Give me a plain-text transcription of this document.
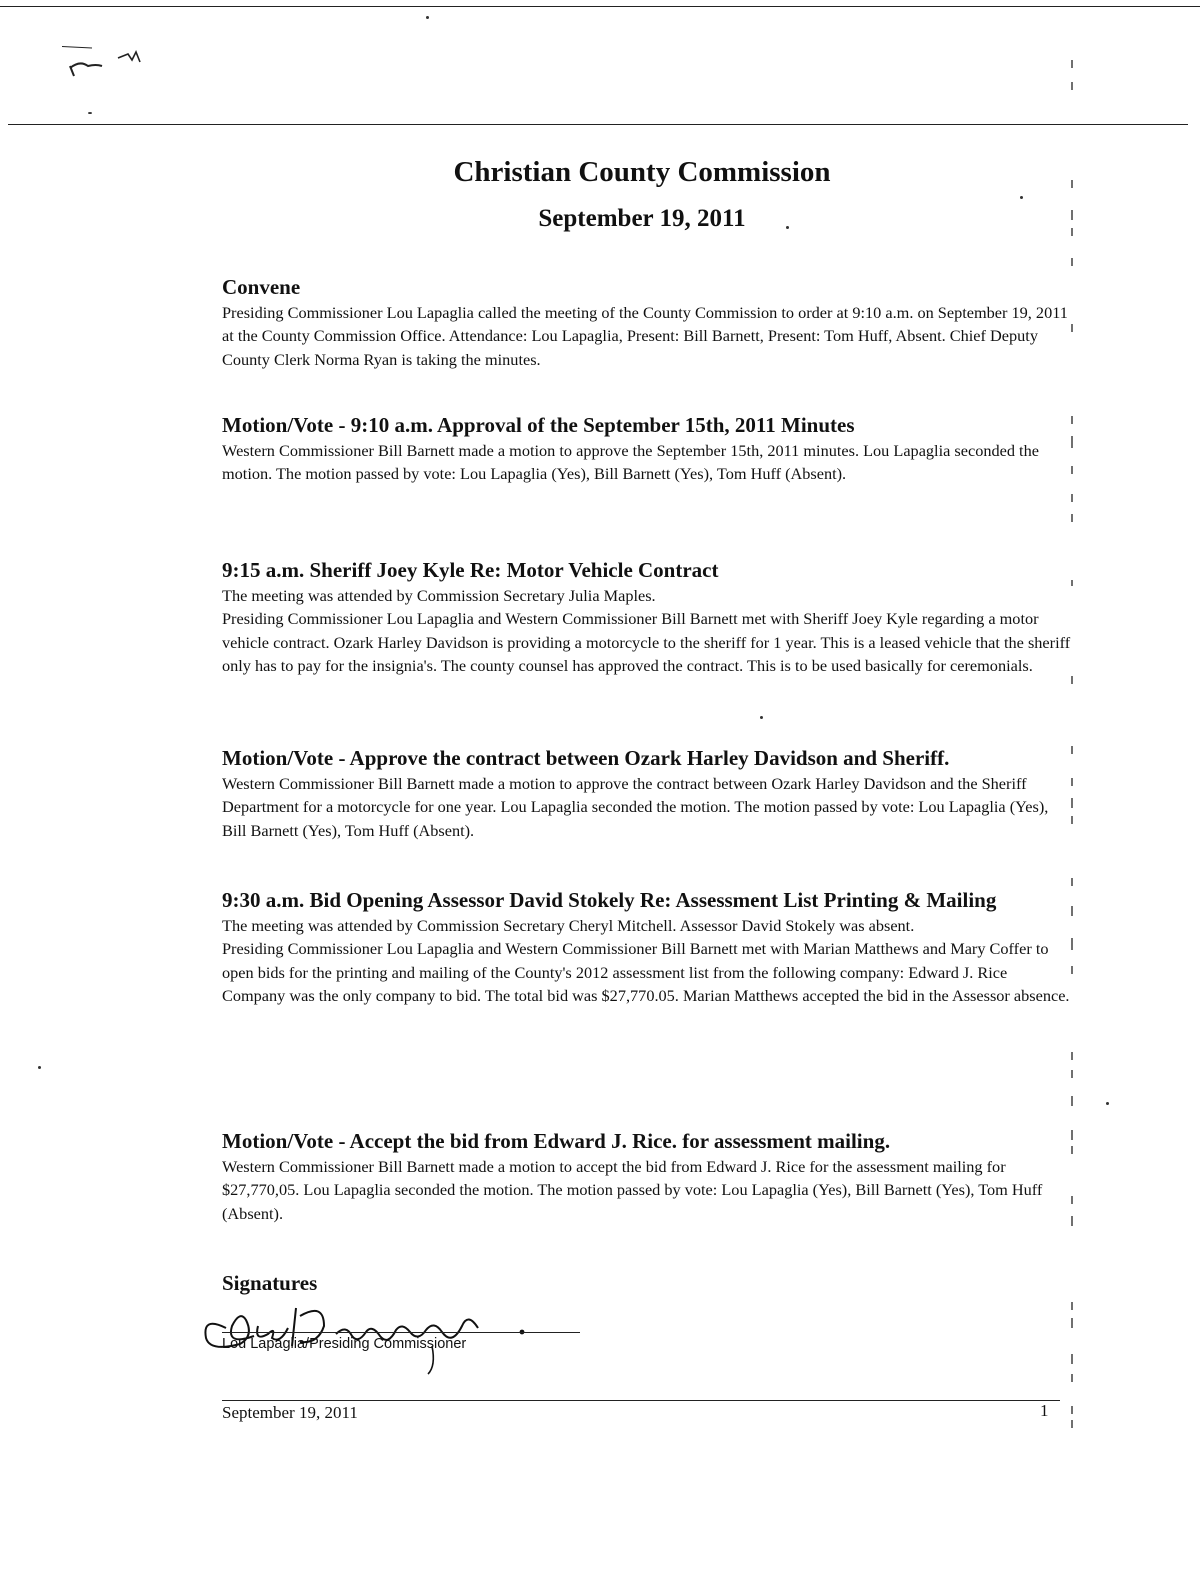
Christian County Commission
September 19, 2011
Convene

Presiding Commissioner Lou Lapaglia called the meeting of the County Commission to order at 9:10 a.m. on September 19, 2011 at the County Commission Office. Attendance: Lou Lapaglia, Present: Bill Barnett, Present: Tom Huff, Absent. Chief Deputy County Clerk Norma Ryan is taking the minutes.

Motion/Vote - 9:10 a.m. Approval of the September 15th, 2011 Minutes

Western Commissioner Bill Barnett made a motion to approve the September 15th, 2011 minutes. Lou Lapaglia seconded the motion. The motion passed by vote: Lou Lapaglia (Yes), Bill Barnett (Yes), Tom Huff (Absent).

9:15 a.m. Sheriff Joey Kyle Re: Motor Vehicle Contract

The meeting was attended by Commission Secretary Julia Maples.

Presiding Commissioner Lou Lapaglia and Western Commissioner Bill Barnett met with Sheriff Joey Kyle regarding a motor vehicle contract. Ozark Harley Davidson is providing a motorcycle to the sheriff for 1 year. This is a leased vehicle that the sheriff only has to pay for the insignia's. The county counsel has approved the contract. This is to be used basically for ceremonials.

Motion/Vote - Approve the contract between Ozark Harley Davidson and Sheriff.

Western Commissioner Bill Barnett made a motion to approve the contract between Ozark Harley Davidson and the Sheriff Department for a motorcycle for one year. Lou Lapaglia seconded the motion. The motion passed by vote: Lou Lapaglia (Yes), Bill Barnett (Yes), Tom Huff (Absent).

9:30 a.m. Bid Opening Assessor David Stokely Re: Assessment List Printing & Mailing

The meeting was attended by Commission Secretary Cheryl Mitchell. Assessor David Stokely was absent.

Presiding Commissioner Lou Lapaglia and Western Commissioner Bill Barnett met with Marian Matthews and Mary Coffer to open bids for the printing and mailing of the County's 2012 assessment list from the following company: Edward J. Rice Company was the only company to bid. The total bid was $27,770.05. Marian Matthews accepted the bid in the Assessor absence.

Motion/Vote - Accept the bid from Edward J. Rice. for assessment mailing.

Western Commissioner Bill Barnett made a motion to accept the bid from Edward J. Rice for the assessment mailing for $27,770,05. Lou Lapaglia seconded the motion. The motion passed by vote: Lou Lapaglia (Yes), Bill Barnett (Yes), Tom Huff (Absent).

Signatures
Lou Lapaglia/Presiding Commissioner
September 19, 2011	1
